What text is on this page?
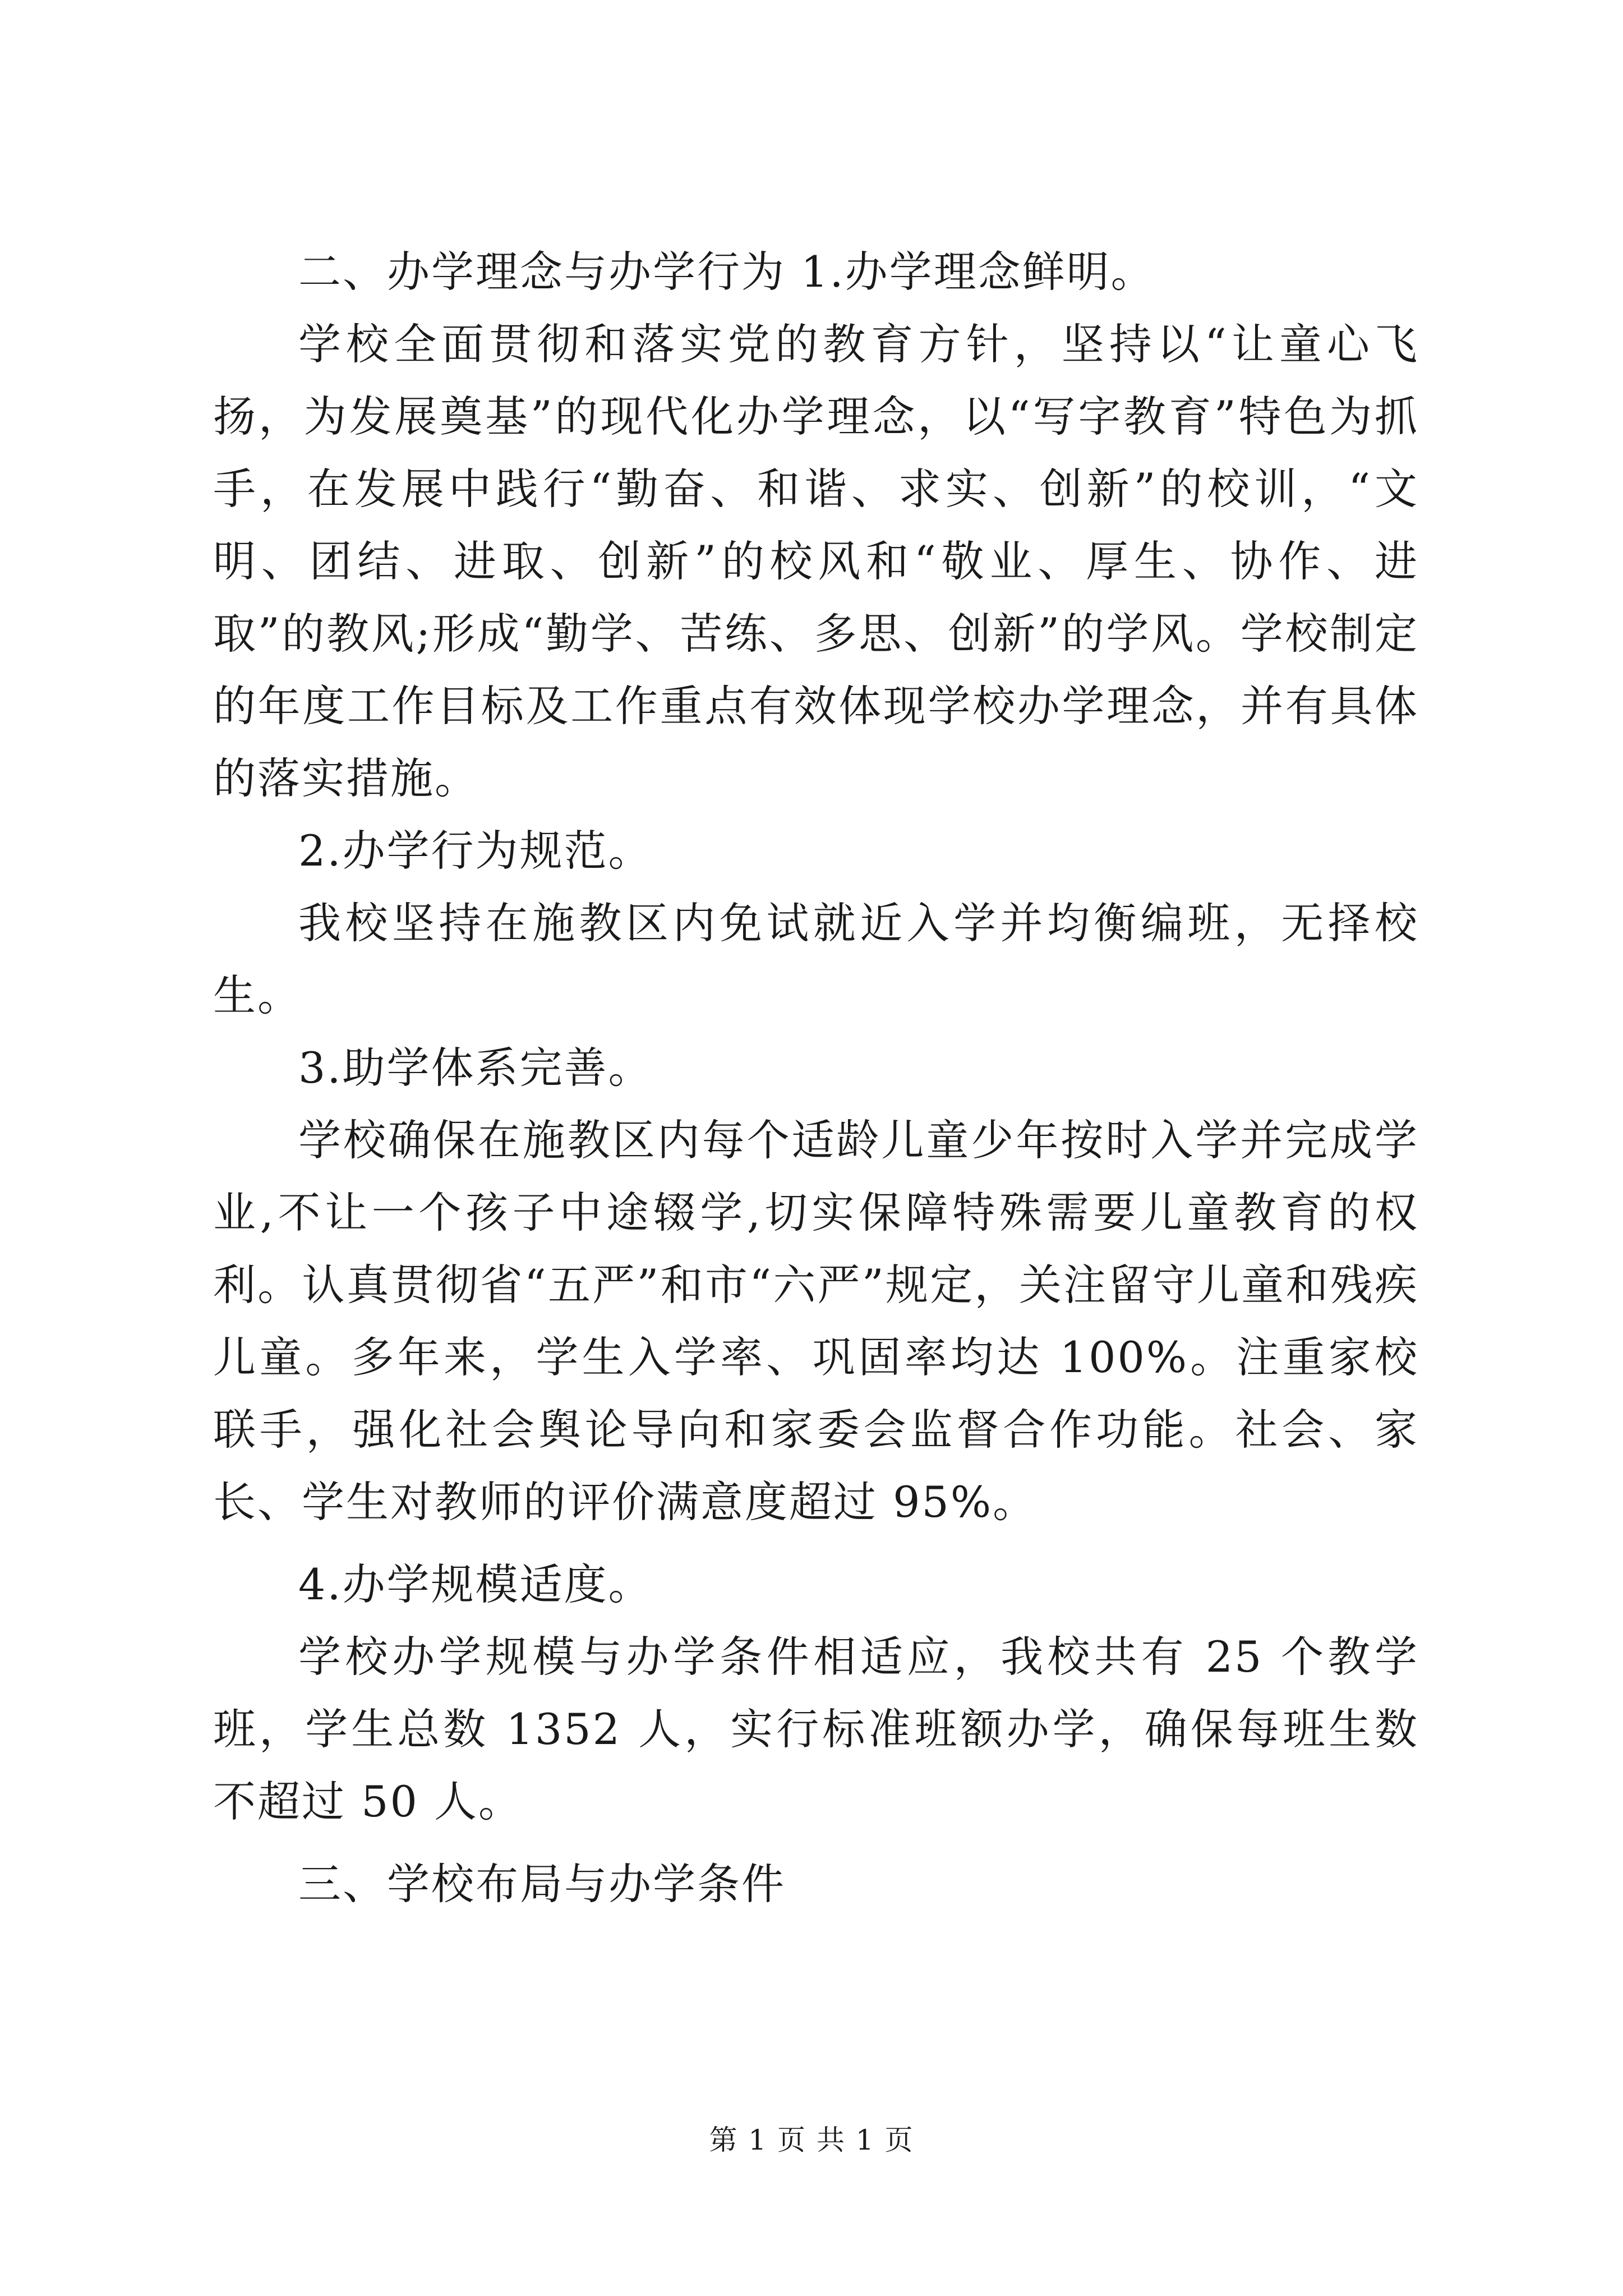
二、办学理念与办学行为 1.办学理念鲜明。

学校全面贯彻和落实党的教育方针，坚持以“让童心飞扬，为发展奠基”的现代化办学理念，以“写字教育”特色为抓手，在发展中践行“勤奋、和谐、求实、创新”的校训，“文明、团结、进取、创新”的校风和“敬业、厚生、协作、进取”的教风;形成“勤学、苦练、多思、创新”的学风。学校制定的年度工作目标及工作重点有效体现学校办学理念，并有具体的落实措施。

2.办学行为规范。

我校坚持在施教区内免试就近入学并均衡编班，无择校生。

3.助学体系完善。

学校确保在施教区内每个适龄儿童少年按时入学并完成学业,不让一个孩子中途辍学,切实保障特殊需要儿童教育的权利。认真贯彻省“五严”和市“六严”规定，关注留守儿童和残疾儿童。多年来，学生入学率、巩固率均达 100%。注重家校联手，强化社会舆论导向和家委会监督合作功能。社会、家长、学生对教师的评价满意度超过 95%。

4.办学规模适度。

学校办学规模与办学条件相适应，我校共有 25 个教学班，学生总数 1352 人，实行标准班额办学，确保每班生数不超过 50 人。

三、学校布局与办学条件

第 1 页 共 1 页
